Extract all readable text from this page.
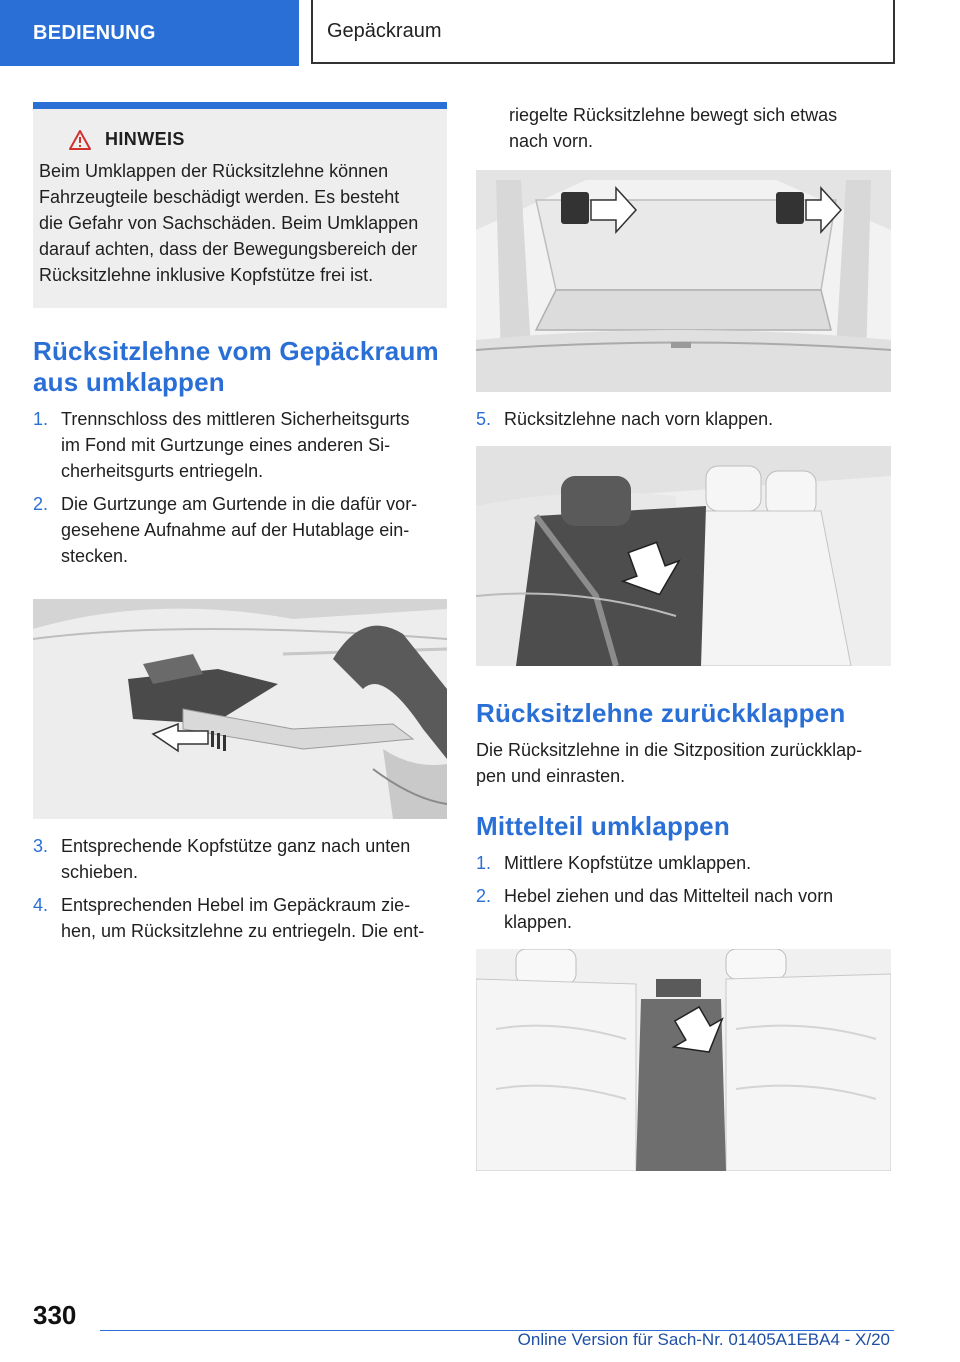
BEDIENUNG	Gepäckraum
HINWEIS
Beim Umklappen der Rücksitzlehne können
Fahrzeugteile beschädigt werden. Es besteht
die Gefahr von Sachschäden. Beim Umklappen
darauf achten, dass der Bewegungsbereich der
Rücksitzlehne inklusive Kopfstütze frei ist.
Rücksitzlehne vom Gepäckraum
aus umklappen
1. Trennschloss des mittleren Sicherheitsgurts
im Fond mit Gurtzunge eines anderen Si-
cherheitsgurts entriegeln.
2. Die Gurtzunge am Gurtende in die dafür vor-
gesehene Aufnahme auf der Hutablage ein-
stecken.
3. Entsprechende Kopfstütze ganz nach unten
schieben.
4. Entsprechenden Hebel im Gepäckraum zie-
hen, um Rücksitzlehne zu entriegeln. Die ent-

riegelte Rücksitzlehne bewegt sich etwas
nach vorn.

5. Rücksitzlehne nach vorn klappen.
Rücksitzlehne zurückklappen

Die Rücksitzlehne in die Sitzposition zurückklap-
pen und einrasten.

Mittelteil umklappen
1. Mittlere Kopfstütze umklappen.
2. Hebel ziehen und das Mittelteil nach vorn
klappen.
330
Online Version für Sach-Nr. 01405A1EBA4 - X/20
